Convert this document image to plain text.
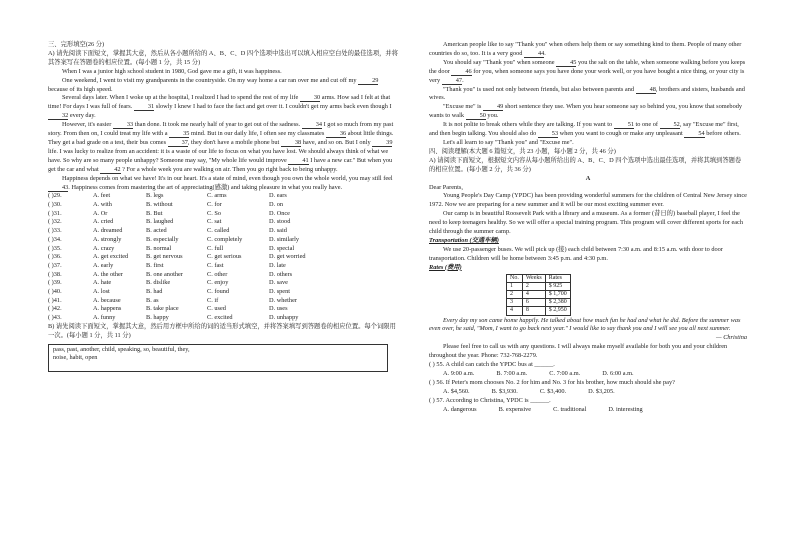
三、完形填空(26 分)

A) 请先阅读下面短文，掌握其大意，然后从各小题所给的 A、B、C、D 四个选项中选出可以填入相应空白处的最佳选项，并将其答案写在答题卷的相应位置。(每小题 1 分，共 15 分)

When I was a junior high school student in 1980, God gave me a gift, it was happiness.

One weekend, I went to visit my grandparents in the countryside. On my way home a car ran over me and cut off my 29 because of its high speed.

Several days later. When I woke up at the hospital, I realized I had to spend the rest of my life 30 arms. How sad I felt at that time! For days I was full of fears. 31 slowly I knew I had to face the fact and get over it. I couldn't get my arms back even though I 32 every day.

However, it's easier 33 than done. It took me nearly half of year to get out of the sadness. 34 I got so much from my past story. From then on, I could treat my life with a 35 mind. But in our daily life, I often see my classmates 36 about little things. They get a bad grade on a test, their bus comes 37, they don't have a mobile phone but 38 have, and so on. But I only 39 life. I was lucky to realize from an accident: it is a waste of our life to focus on what you have lost. We should always think of what we have. So why are so many people unhappy? Someone may say, "My whole life would improve 41 I have a new car." But when you get the car and what 42 ? For a whole week you are walking on air. Then you go right back to being unhappy.

Happiness depends on what we have! It's in our heart. It's a state of mind, even though you own the whole world, you may still feel 43. Happiness comes from mastering the art of appreciating(感激) and taking pleasure in what you really have.

( )29.	A. feet	B. legs	C. arms	D. ears
( )30.	A. with	B. without	C. for	D. on
( )31.	A. Or	B. But	C. So	D. Once
( )32.	A. cried	B. laughed	C. sat	D. stood
( )33.	A. dreamed	B. acted	C. called	D. said
( )34.	A. strongly	B. especially	C. completely	D. similarly
( )35.	A. crazy	B. normal	C. full	D. special
( )36.	A. get excited	B. get nervous	C. get serious	D. get worried
( )37.	A. early	B. first	C. fast	D. late
( )38.	A. the other	B. one another	C. other	D. others
( )39.	A. hate	B. dislike	C. enjoy	D. save
( )40.	A. lost	B. had	C. found	D. spent
( )41.	A. because	B. as	C. if	D. whether
( )42.	A. happens	B. take place	C. used	D. uses
( )43.	A. funny	B. happy	C. excited	D. unhappy

B) 请先阅读下面短文，掌握其大意，然后用方框中所给的词的适当形式填空，并将答案填写到答题卷的相应位置。每个词限用一次。(每小题 1 分，共 11 分)

pass, past, another, child, speaking, so, beautiful, they,
noise, habit, open

American people like to say "Thank you" when others help them or say something kind to them. People of many other countries do so, too. It is a very good 44.

You should say "Thank you" when someone 45 you the salt on the table, when someone walking before you keeps the door 46 for you, when someone says you have done your work well, or you have bought a nice thing, or your city is very 47.

"Thank you" is used not only between friends, but also between parents and 48, brothers and sisters, husbands and wives.

"Excuse me" is 49 short sentence they use. When you hear someone say so behind you, you know that somebody wants to walk 50 you.

It is not polite to break others while they are talking. If you want to 51 to one of 52, say "Excuse me" first, and then begin talking. You should also do 53 when you want to cough or make any unpleasant 54 before others.

Let's all learn to say "Thank you" and "Excuse me".

四、阅读理解(本大题 6 篇短文，共 23 小题，每小题 2 分，共 46 分)

A) 请阅读下面短文，根据短文内容从每小题所给出的 A、B、C、D 四个选项中选出最佳选项，并将其填到答题卷的相应位置。(每小题 2 分，共 36 分)

A

Dear Parents,

Young People's Day Camp (YPDC) has been providing wonderful summers for the children of Central New Jersey since 1972. Now we are preparing for a new summer and it will be our most exciting summer ever.

Our camp is in beautiful Roosevelt Park with a library and a museum. As a former (昔日的) baseball player, I feel the need to keep teenagers healthy. So we will offer a special training program. This program will cover different sports for each child through the summer camp.

Transportation (交通车辆)

We use 20-passenger buses. We will pick up (接) each child between 7:30 a.m. and 8:15 a.m. with door to door transportation. Children will be home between 3:45 p.m. and 4:30 p.m.

Rates (费用)

No.	Weeks	Rates
1	2	$ 925
2	4	$ 1,700
3	6	$ 2,380
4	8	$ 2,950

Every day my son came home happily. He talked about how much fun he had and what he did. Before the summer was even over, he said, "Mom, I want to go back next year." I would like to say thank you and I will see you all next summer.

— Christina

Please feel free to call us with any questions. I will always make myself available for both you and your children throughout the year. Phone: 732-768-2279.

( ) 55. A child can catch the YPDC bus at ______.

A. 9:00 a.m.	B. 7:00 a.m.	C. 7:00 a.m.	D. 6:00 a.m.

( ) 56. If Peter's mom chooses No. 2 for him and No. 3 for his brother, how much should she pay?

A. $4,560.	B. $3,930.	C. $3,400.	D. $3,205.

( ) 57. According to Christina, YPDC is ______.

A. dangerous	B. expensive	C. traditional	D. interesting
